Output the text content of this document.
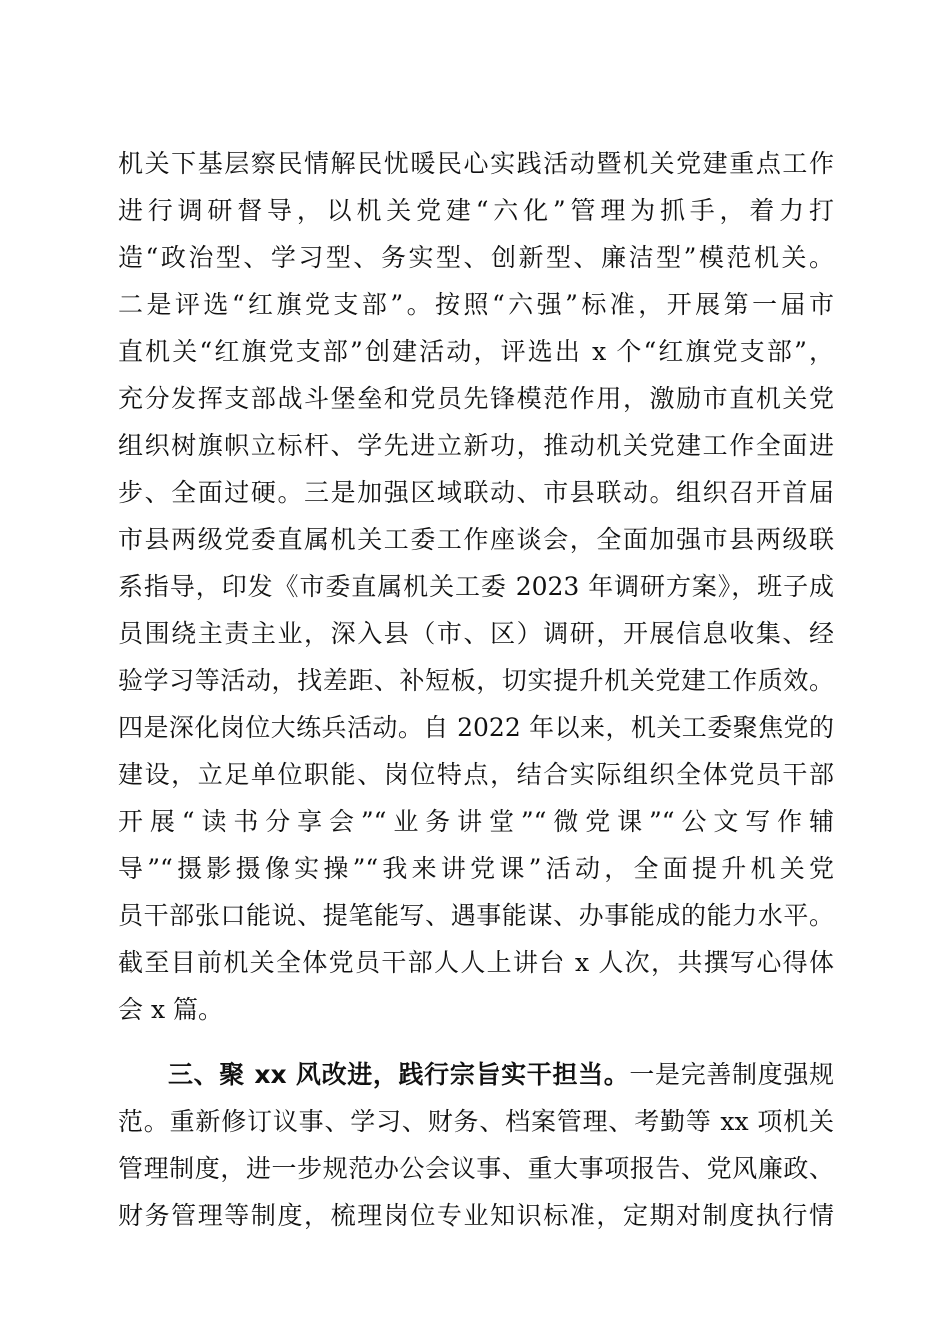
机关下基层察民情解民忧暖民心实践活动暨机关党建重点工作
进行调研督导，以机关党建“六化”管理为抓手，着力打
造“政治型、学习型、务实型、创新型、廉洁型”模范机关。
二是评选“红旗党支部”。按照“六强”标准，开展第一届市
直机关“红旗党支部”创建活动，评选出 x 个“红旗党支部”，
充分发挥支部战斗堡垒和党员先锋模范作用，激励市直机关党
组织树旗帜立标杆、学先进立新功，推动机关党建工作全面进
步、全面过硬。三是加强区域联动、市县联动。组织召开首届
市县两级党委直属机关工委工作座谈会，全面加强市县两级联
系指导，印发《市委直属机关工委 2023 年调研方案》，班子成
员围绕主责主业，深入县（市、区）调研，开展信息收集、经
验学习等活动，找差距、补短板，切实提升机关党建工作质效。
四是深化岗位大练兵活动。自 2022 年以来，机关工委聚焦党的
建设，立足单位职能、岗位特点，结合实际组织全体党员干部
开展“读书分享会”“业务讲堂”“微党课”“公文写作辅
导”“摄影摄像实操”“我来讲党课”活动，全面提升机关党
员干部张口能说、提笔能写、遇事能谋、办事能成的能力水平。
截至目前机关全体党员干部人人上讲台 x 人次，共撰写心得体
会 x 篇。
三、聚 xx 风改进，践行宗旨实干担当。一是完善制度强规
范。重新修订议事、学习、财务、档案管理、考勤等 xx 项机关
管理制度，进一步规范办公会议事、重大事项报告、党风廉政、
财务管理等制度，梳理岗位专业知识标准，定期对制度执行情
